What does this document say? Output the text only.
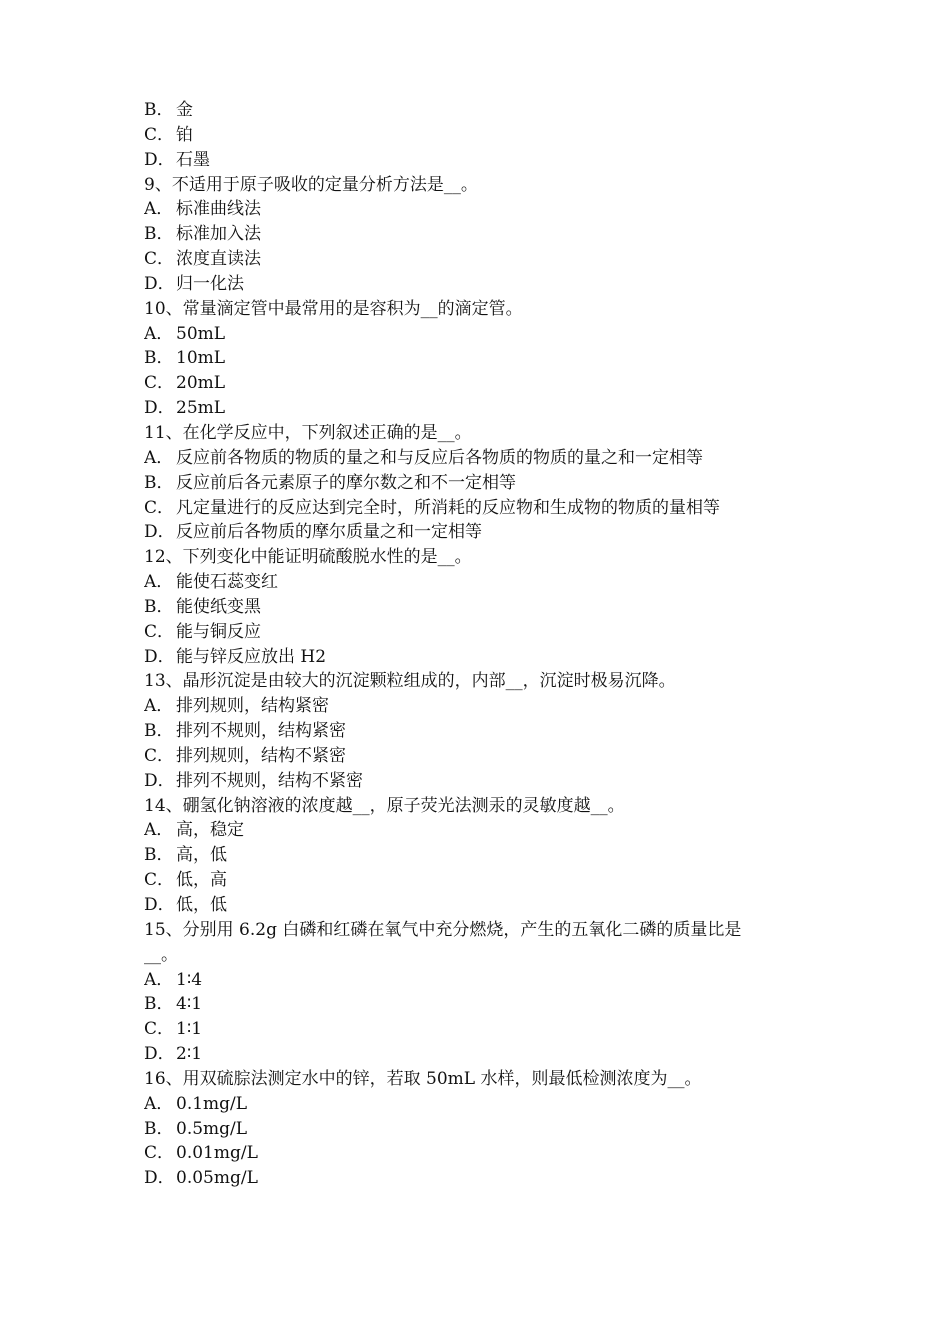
B． 金
C． 铂
D．石墨
9、不适用于原子吸收的定量分析方法是__。
A． 标准曲线法
B． 标准加入法
C． 浓度直读法
D．归一化法
10、常量滴定管中最常用的是容积为__的滴定管。
A． 50mL
B． 10mL
C． 20mL
D．25mL
11、在化学反应中，下列叙述正确的是__。
A． 反应前各物质的物质的量之和与反应后各物质的物质的量之和一定相等
B． 反应前后各元素原子的摩尔数之和不一定相等
C． 凡定量进行的反应达到完全时，所消耗的反应物和生成物的物质的量相等
D．反应前后各物质的摩尔质量之和一定相等
12、下列变化中能证明硫酸脱水性的是__。
A． 能使石蕊变红
B． 能使纸变黑
C． 能与铜反应
D．能与锌反应放出 H2
13、晶形沉淀是由较大的沉淀颗粒组成的，内部__，沉淀时极易沉降。
A． 排列规则，结构紧密
B． 排列不规则，结构紧密
C． 排列规则，结构不紧密
D．排列不规则，结构不紧密
14、硼氢化钠溶液的浓度越__，原子荧光法测汞的灵敏度越__。
A． 高，稳定
B． 高，低
C． 低，高
D．低，低
15、分别用 6.2g 白磷和红磷在氧气中充分燃烧，产生的五氧化二磷的质量比是
__。
A． 1∶4
B． 4∶1
C． 1∶1
D．2∶1
16、用双硫腙法测定水中的锌，若取 50mL 水样，则最低检测浓度为__。
A． 0.1mg/L
B． 0.5mg/L
C． 0.01mg/L
D．0.05mg/L
